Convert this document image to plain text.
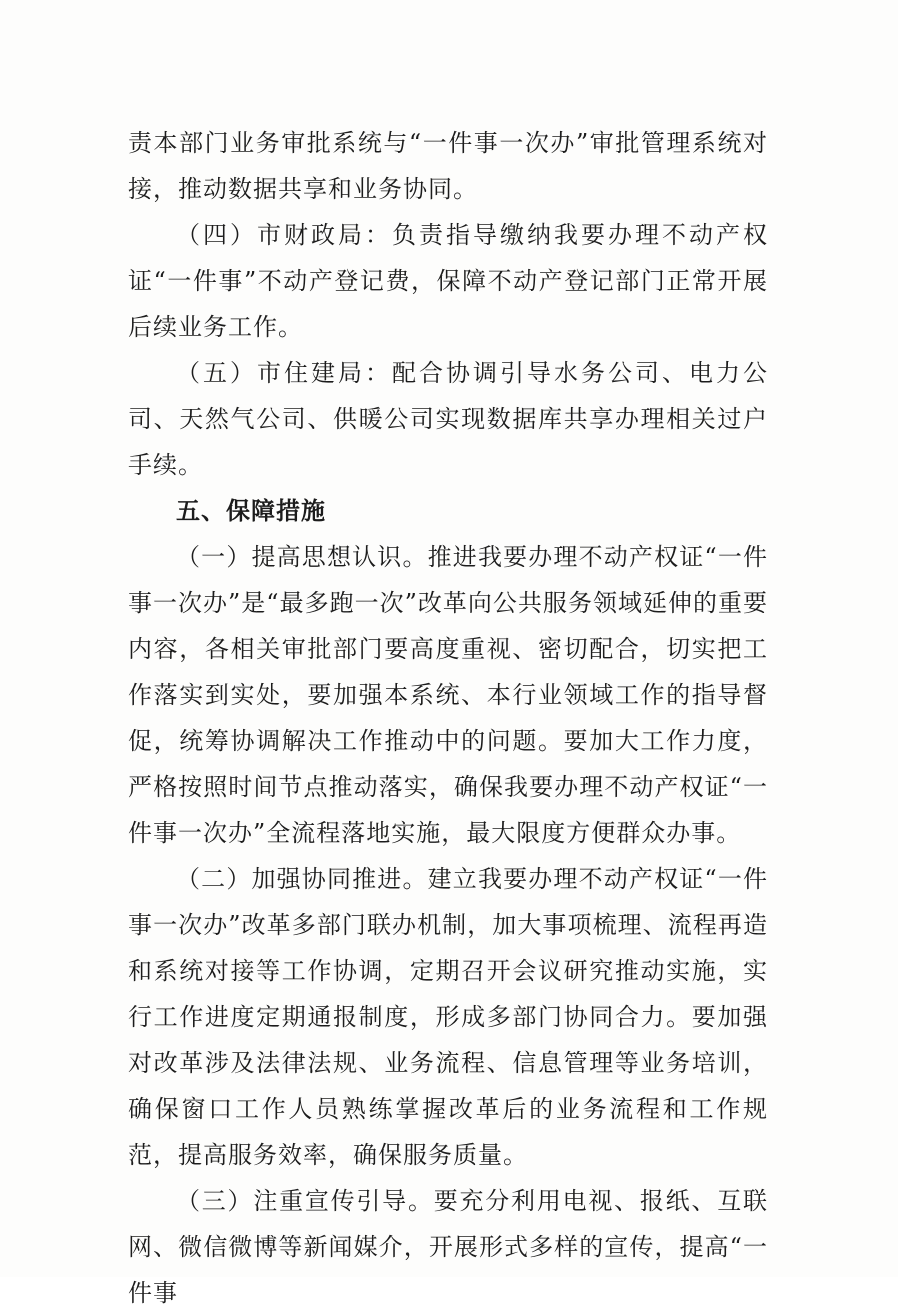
责本部门业务审批系统与“一件事一次办”审批管理系统对接，推动数据共享和业务协同。

（四）市财政局：负责指导缴纳我要办理不动产权证“一件事”不动产登记费，保障不动产登记部门正常开展后续业务工作。

（五）市住建局：配合协调引导水务公司、电力公司、天然气公司、供暖公司实现数据库共享办理相关过户手续。

五、保障措施

（一）提高思想认识。推进我要办理不动产权证“一件事一次办”是“最多跑一次”改革向公共服务领域延伸的重要内容，各相关审批部门要高度重视、密切配合，切实把工作落实到实处，要加强本系统、本行业领域工作的指导督促，统筹协调解决工作推动中的问题。要加大工作力度，严格按照时间节点推动落实，确保我要办理不动产权证“一件事一次办”全流程落地实施，最大限度方便群众办事。

（二）加强协同推进。建立我要办理不动产权证“一件事一次办”改革多部门联办机制，加大事项梳理、流程再造和系统对接等工作协调，定期召开会议研究推动实施，实行工作进度定期通报制度，形成多部门协同合力。要加强对改革涉及法律法规、业务流程、信息管理等业务培训，确保窗口工作人员熟练掌握改革后的业务流程和工作规范，提高服务效率，确保服务质量。

（三）注重宣传引导。要充分利用电视、报纸、互联网、微信微博等新闻媒介，开展形式多样的宣传，提高“一件事
